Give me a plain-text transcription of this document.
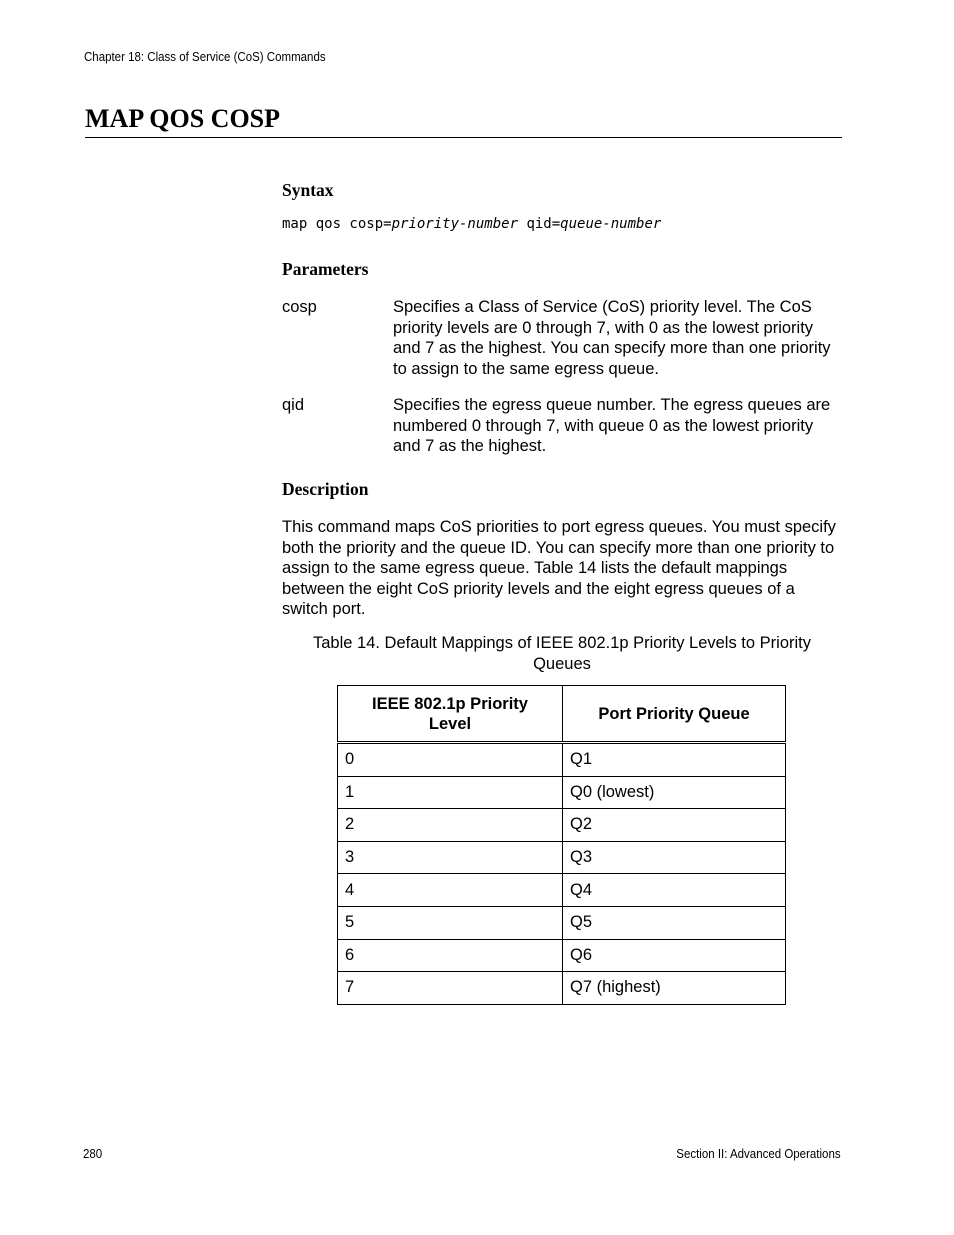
Chapter 18: Class of Service (CoS) Commands
MAP QOS COSP
Syntax
map qos cosp=priority-number qid=queue-number
Parameters
cosp	Specifies a Class of Service (CoS) priority level. The CoS priority levels are 0 through 7, with 0 as the lowest priority and 7 as the highest. You can specify more than one priority to assign to the same egress queue.
qid	Specifies the egress queue number. The egress queues are numbered 0 through 7, with queue 0 as the lowest priority and 7 as the highest.
Description

This command maps CoS priorities to port egress queues. You must specify both the priority and the queue ID. You can specify more than one priority to assign to the same egress queue. Table 14 lists the default mappings between the eight CoS priority levels and the eight egress queues of a switch port.

Table 14. Default Mappings of IEEE 802.1p Priority Levels to Priority Queues

IEEE 802.1p Priority Level	Port Priority Queue
0	Q1
1	Q0 (lowest)
2	Q2
3	Q3
4	Q4
5	Q5
6	Q6
7	Q7 (highest)
280	Section II: Advanced Operations
